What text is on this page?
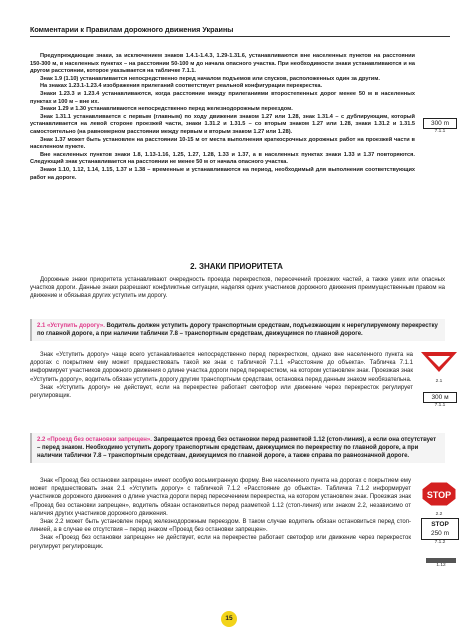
Комментарии к Правилам дорожного движения Украины

Предупреждающие знаки, за исключением знаков 1.4.1-1.4.3, 1.29-1.31.6, устанавливаются вне населенных пунктов на расстоянии 150-300 м, в населенных пунктах – на расстоянии 50-100 м до начала опасного участка. При необходимости знаки устанавливаются и на другом расстоянии, которое указывается на табличке 7.1.1.

Знак 1.9 (1.10) устанавливается непосредственно перед началом подъемов или спусков, расположенных один за другим.

На знаках 1.23.1-1.23.4 изображения прилеганий соответствует реальной конфигурации перекрестка.

Знаки 1.23.3 и 1.23.4 устанавливаются, когда расстояние между прилеганиями второстепенных дорог менее 50 м в населенных пунктах и 100 м – вне их.

Знаки 1.29 и 1.30 устанавливаются непосредственно перед железнодорожным переездом.

Знак 1.31.1 устанавливается с первым (главным) по ходу движения знаком 1.27 или 1.28, знак 1.31.4 – с дублирующим, который устанавливается на левой стороне проезжей части, знаки 1.31.2 и 1.31.5 – со вторым знаком 1.27 или 1.28, знаки 1.31.2 и 1.31.5 самостоятельно (на равномерном расстоянии между первым и вторым знаком 1.27 или 1.28).

Знак 1.37 может быть установлен на расстоянии 10-15 м от места выполнения краткосрочных дорожных работ на проезжей части в населенном пункте.

Вне населенных пунктов знаки 1.8, 1.13-1.16, 1.25, 1.27, 1.28, 1.33 и 1.37, а в населенных пунктах знаки 1.33 и 1.37 повторяются. Следующий знак устанавливается на расстоянии не менее 50 м от начала опасного участка.

Знаки 1.10, 1.12, 1.14, 1.15, 1.37 и 1.38 – временные и устанавливаются на период, необходимый для выполнения соответствующих работ на дороге.

300 m
7.1.1
2. ЗНАКИ ПРИОРИТЕТА

Дорожные знаки приоритета устанавливают очередность проезда перекрестков, пересечений проезжих частей, а также узких или опасных участков дороги. Данные знаки разрешают конфликтные ситуации, наделяя одних участников дорожного движения преимущественным правом на движение и обязывая других уступить им дорогу.

2.1 «Уступить дорогу». Водитель должен уступить дорогу транспортным средствам, подъезжающим к нерегулируемому перекрестку по главной дороге, а при наличии таблички 7.8 – транспортным средствам, движущимся по главной дороге.

Знак «Уступить дорогу» чаще всего устанавливается непосредственно перед перекрестком, однако вне населенного пункта на дорогах с покрытием ему может предшествовать такой же знак с табличкой 7.1.1 «Расстояние до объекта». Табличка 7.1.1 информирует участников дорожного движения о длине участка дороги перед перекрестком, на котором установлен знак. Проезжая знак «Уступить дорогу», водитель обязан уступить дорогу другим транспортным средствам, остановка перед данным знаком необязательна.

Знак «Уступить дорогу» не действует, если на перекрестке работает светофор или движение через перекресток регулирует регулировщик.

2.1
300 м
7.1.1
2.2 «Проезд без остановки запрещен». Запрещается проезд без остановки перед разметкой 1.12 (стоп-линия), а если она отсутствует – перед знаком. Необходимо уступить дорогу транспортным средствам, движущимся по перекрестку по главной дороге, а при наличии таблички 7.8 – транспортным средствам, движущимся по главной дороге, а также справа по равнозначной дороге.

Знак «Проезд без остановки запрещен» имеет особую восьмигранную форму. Вне населенного пункта на дорогах с покрытием ему может предшествовать знак 2.1 «Уступить дорогу» с табличкой 7.1.2 «Расстояние до объекта». Табличка 7.1.2 информирует участников дорожного движения о длине участка дороги перед пересечением перекрестка, на котором установлен знак. Проезжая знак «Проезд без остановки запрещен», водитель обязан остановиться перед разметкой 1.12 (стоп-линия) или знаком 2.2, независимо от наличия других участников дорожного движения.

Знак 2.2 может быть установлен перед железнодорожным переездом. В таком случае водитель обязан остановиться перед стоп-линией, а в случае ее отсутствия – перед знаком «Проезд без остановки запрещен».

Знак «Проезд без остановки запрещен» не действует, если на перекрестке работает светофор или движение через перекресток регулирует регулировщик.

STOP
2.2
STOP
250 m
7.1.2
1.12
15
